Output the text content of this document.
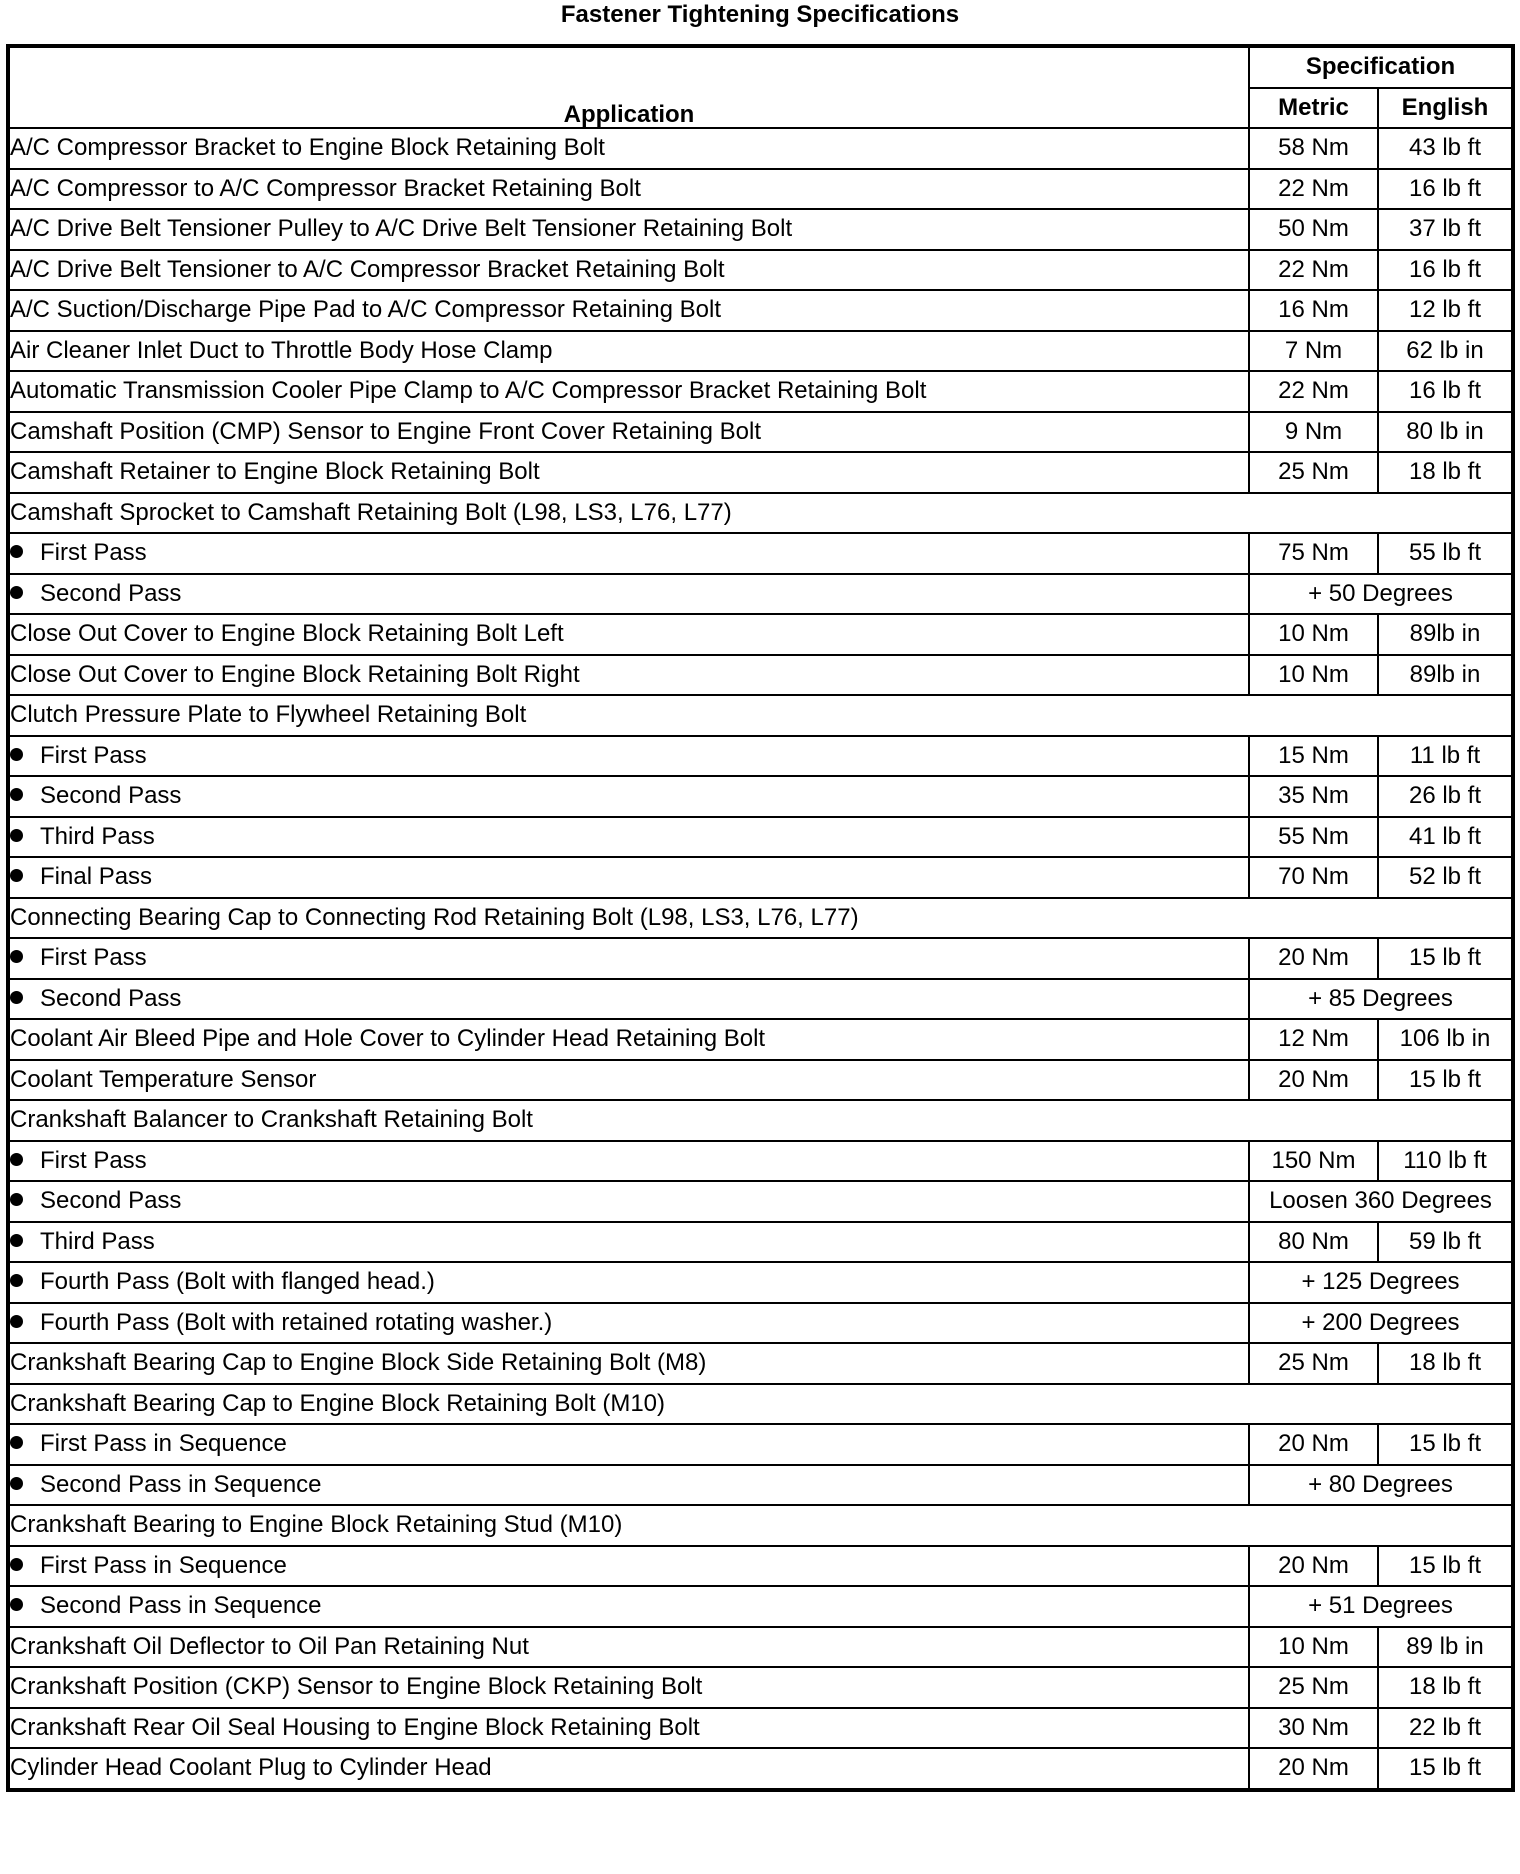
Fastener Tightening Specifications
Application	Specification	
	Metric	English
A/C Compressor Bracket to Engine Block Retaining Bolt	58 Nm	43 lb ft
A/C Compressor to A/C Compressor Bracket Retaining Bolt	22 Nm	16 lb ft
A/C Drive Belt Tensioner Pulley to A/C Drive Belt Tensioner Retaining Bolt	50 Nm	37 lb ft
A/C Drive Belt Tensioner to A/C Compressor Bracket Retaining Bolt	22 Nm	16 lb ft
A/C Suction/Discharge Pipe Pad to A/C Compressor Retaining Bolt	16 Nm	12 lb ft
Air Cleaner Inlet Duct to Throttle Body Hose Clamp	7 Nm	62 lb in
Automatic Transmission Cooler Pipe Clamp to A/C Compressor Bracket Retaining Bolt	22 Nm	16 lb ft
Camshaft Position (CMP) Sensor to Engine Front Cover Retaining Bolt	9 Nm	80 lb in
Camshaft Retainer to Engine Block Retaining Bolt	25 Nm	18 lb ft
Camshaft Sprocket to Camshaft Retaining Bolt (L98, LS3, L76, L77)		
First Pass	75 Nm	55 lb ft
Second Pass	+ 50 Degrees	
Close Out Cover to Engine Block Retaining Bolt Left	10 Nm	89lb in
Close Out Cover to Engine Block Retaining Bolt Right	10 Nm	89lb in
Clutch Pressure Plate to Flywheel Retaining Bolt		
First Pass	15 Nm	11 lb ft
Second Pass	35 Nm	26 lb ft
Third Pass	55 Nm	41 lb ft
Final Pass	70 Nm	52 lb ft
Connecting Bearing Cap to Connecting Rod Retaining Bolt (L98, LS3, L76, L77)		
First Pass	20 Nm	15 lb ft
Second Pass	+ 85 Degrees	
Coolant Air Bleed Pipe and Hole Cover to Cylinder Head Retaining Bolt	12 Nm	106 lb in
Coolant Temperature Sensor	20 Nm	15 lb ft
Crankshaft Balancer to Crankshaft Retaining Bolt		
First Pass	150 Nm	110 lb ft
Second Pass	Loosen 360 Degrees	
Third Pass	80 Nm	59 lb ft
Fourth Pass (Bolt with flanged head.)	+ 125 Degrees	
Fourth Pass (Bolt with retained rotating washer.)	+ 200 Degrees	
Crankshaft Bearing Cap to Engine Block Side Retaining Bolt (M8)	25 Nm	18 lb ft
Crankshaft Bearing Cap to Engine Block Retaining Bolt (M10)		
First Pass in Sequence	20 Nm	15 lb ft
Second Pass in Sequence	+ 80 Degrees	
Crankshaft Bearing to Engine Block Retaining Stud (M10)		
First Pass in Sequence	20 Nm	15 lb ft
Second Pass in Sequence	+ 51 Degrees	
Crankshaft Oil Deflector to Oil Pan Retaining Nut	10 Nm	89 lb in
Crankshaft Position (CKP) Sensor to Engine Block Retaining Bolt	25 Nm	18 lb ft
Crankshaft Rear Oil Seal Housing to Engine Block Retaining Bolt	30 Nm	22 lb ft
Cylinder Head Coolant Plug to Cylinder Head	20 Nm	15 lb ft
